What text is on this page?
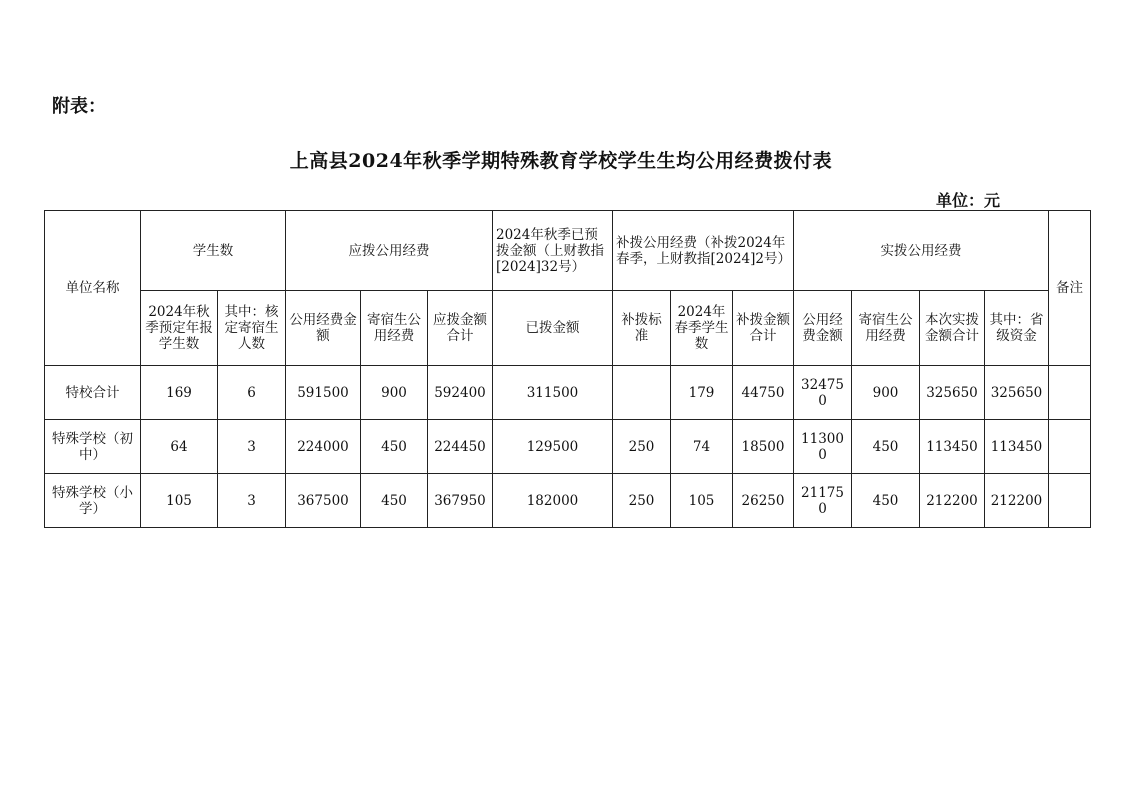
附表：
上高县2024年秋季学期特殊教育学校学生生均公用经费拨付表
单位：元
单位名称	学生数		应拨公用经费			2024年秋季已预拨金额（上财教指[2024]32号）	补拨公用经费（补拨2024年春季，上财教指[2024]2号）			实拨公用经费				备注
	2024年秋季预定年报学生数	其中：核定寄宿生人数	公用经费金额	寄宿生公用经费	应拨金额合计	已拨金额	补拨标准	2024年春季学生数	补拨金额合计	公用经费金额	寄宿生公用经费	本次实拨金额合计	其中：省级资金	
特校合计	169	6	591500	900	592400	311500		179	44750	324750	900	325650	325650	
特殊学校（初中）	64	3	224000	450	224450	129500	250	74	18500	113000	450	113450	113450	
特殊学校（小学）	105	3	367500	450	367950	182000	250	105	26250	211750	450	212200	212200	
